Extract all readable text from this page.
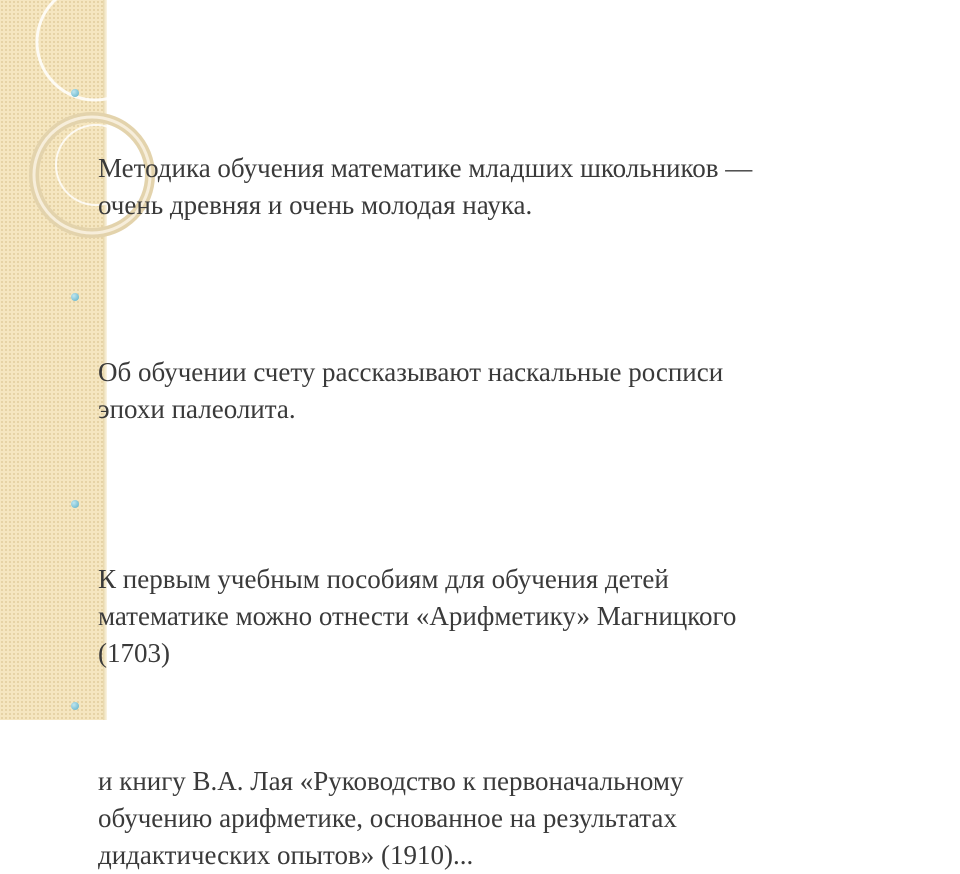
Методика обучения математике младших школьников —
очень древняя и очень молодая наука.

Об обучении счету рассказывают наскальные росписи
эпохи палеолита.

К первым учебным пособиям для обучения детей
математике можно отнести «Арифметику» Магницкого
(1703)

и книгу В.А. Лая «Руководство к первоначальному
обучению арифметике, основанное на результатах
дидактических опытов» (1910)...
